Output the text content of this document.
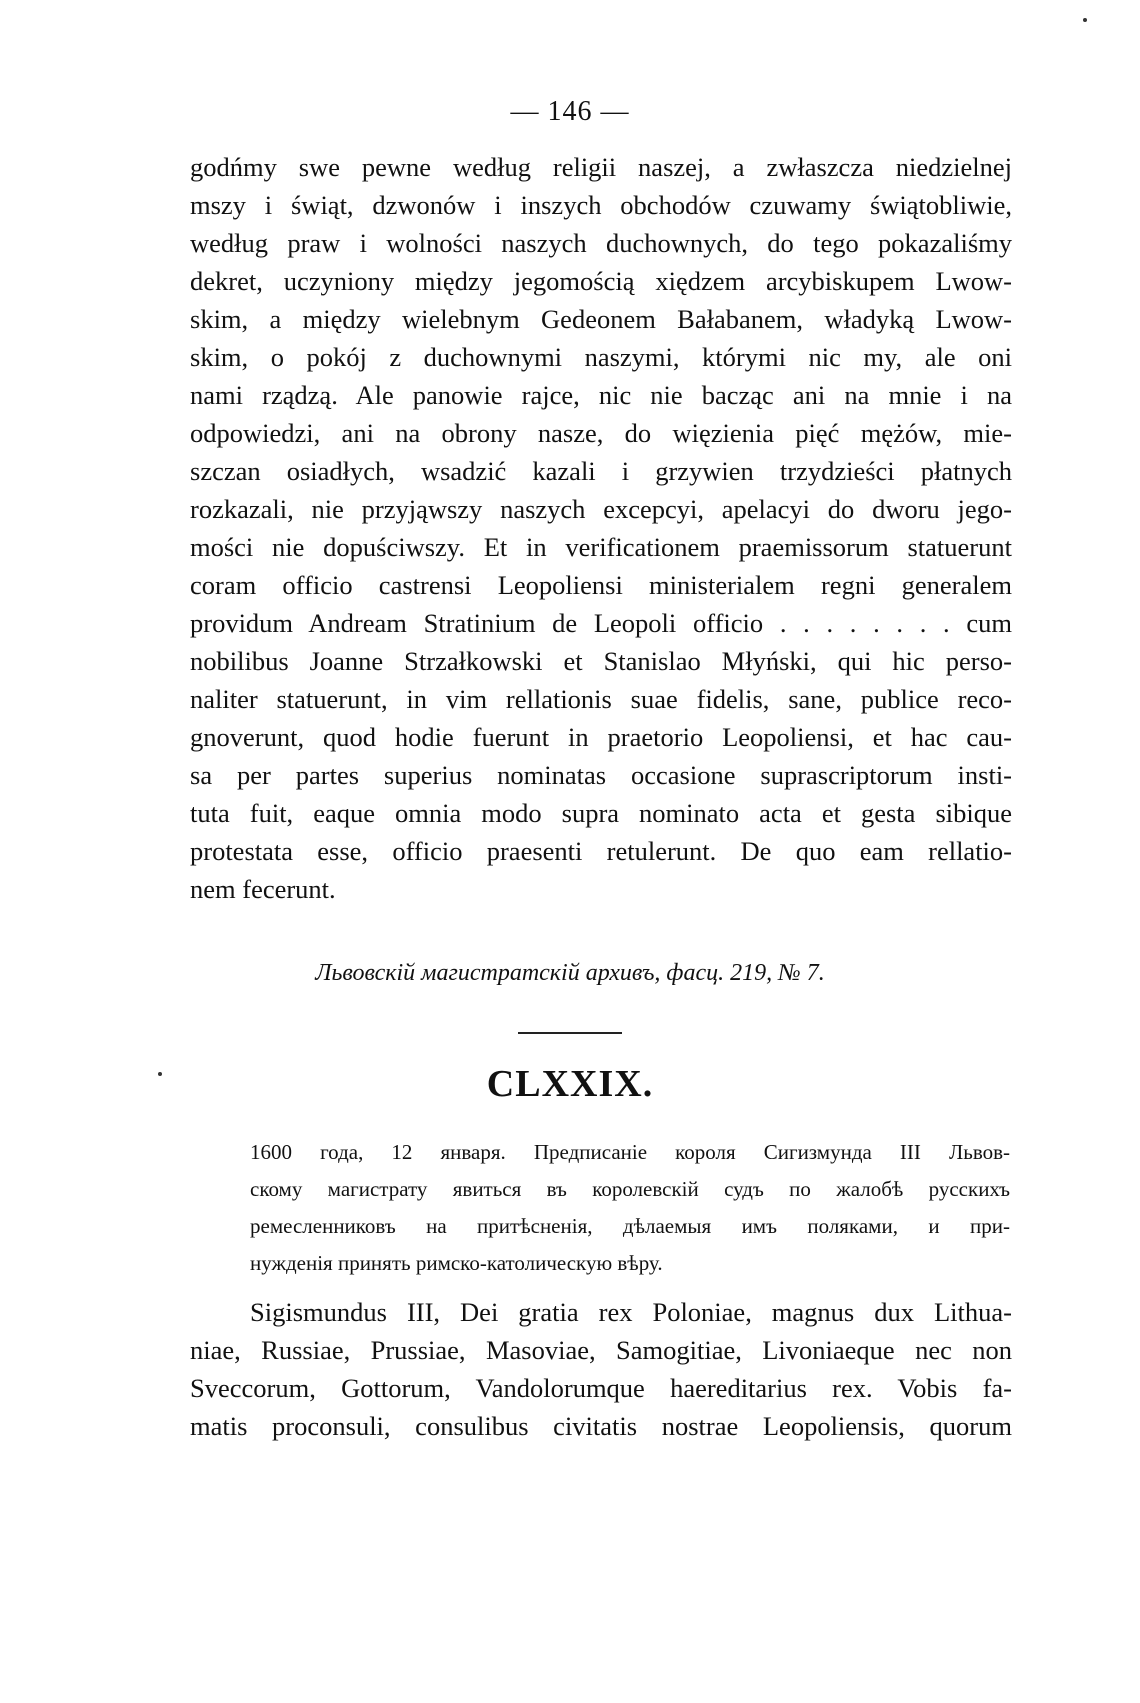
— 146 —
godńmy swe pewne według religii naszej, a zwłaszcza niedzielnej
mszy i świąt, dzwonów i inszych obchodów czuwamy świątobliwie,
według praw i wolności naszych duchownych, do tego pokazaliśmy
dekret, uczyniony między jegomością xiędzem arcybiskupem Lwow-
skim, a między wielebnym Gedeonem Bałabanem, władyką Lwow-
skim, o pokój z duchownymi naszymi, którymi nic my, ale oni
nami rządzą. Ale panowie rajce, nic nie bacząc ani na mnie i na
odpowiedzi, ani na obrony nasze, do więzienia pięć mężów, mie-
szczan osiadłych, wsadzić kazali i grzywien trzydzieści płatnych
rozkazali, nie przyjąwszy naszych excepcyi, apelacyi do dworu jego-
mości nie dopuściwszy. Et in verificationem praemissorum statuerunt
coram officio castrensi Leopoliensi ministerialem regni generalem
providum Andream Stratinium de Leopoli officio . . . . . . . . cum
nobilibus Joanne Strzałkowski et Stanislao Młyński, qui hic perso-
naliter statuerunt, in vim rellationis suae fidelis, sane, publice reco-
gnoverunt, quod hodie fuerunt in praetorio Leopoliensi, et hac cau-
sa per partes superius nominatas occasione suprascriptorum insti-
tuta fuit, eaque omnia modo supra nominato acta et gesta sibique
protestata esse, officio praesenti retulerunt. De quo eam rellatio-
nem fecerunt.
Львовскій магистратскій архивъ, фасц. 219, № 7.
CLXXIX.
1600 года, 12 января. Предписаніе короля Сигизмунда III Львов-
скому магистрату явиться въ королевскій судъ по жалобѣ русскихъ
ремесленниковъ на притѣсненія, дѣлаемыя имъ поляками, и при-
нужденія принять римско-католическую вѣру.
Sigismundus III, Dei gratia rex Poloniae, magnus dux Lithua-
niae, Russiae, Prussiae, Masoviae, Samogitiae, Livoniaeque nec non
Sveccorum, Gottorum, Vandolorumque haereditarius rex. Vobis fa-
matis proconsuli, consulibus civitatis nostrae Leopoliensis, quorum
